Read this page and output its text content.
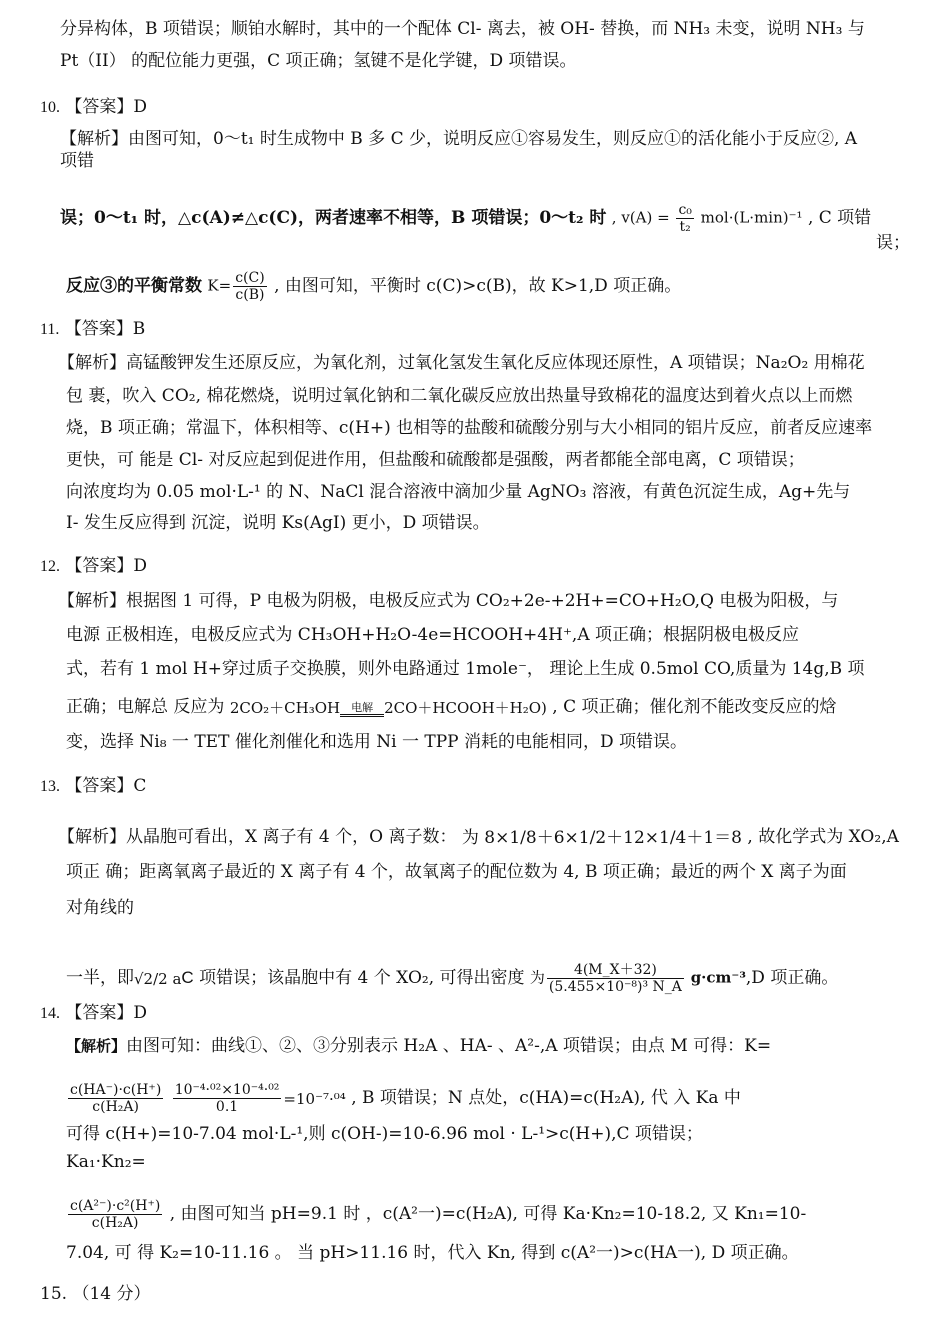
分异构体，B 项错误；顺铂水解时，其中的一个配体 Cl- 离去，被 OH- 替换，而 NH₃ 未变，说明 NH₃ 与
Pt（II） 的配位能力更强，C 项正确；氢键不是化学键，D 项错误。
10. 【答案】D
【解析】由图可知，0～t₁ 时生成物中 B 多 C 少，说明反应①容易发生，则反应①的活化能小于反应②, A
项错
误；0～t₁ 时，△c(A)≠△c(C)，两者速率不相等，B 项错误；0～t₂ 时 , $v(A) = \frac{\text{c₀}}{\text{t₂}} mol\cdot(L\cdot\min)^{-1}$ , C 项错
误；
反应③的平衡常数 $K= \frac{c(C)}{c(B)}$ , 由图可知，平衡时 c(C)>c(B)，故 K>1,D 项正确。
11. 【答案】B
【解析】高锰酸钾发生还原反应，为氧化剂，过氧化氢发生氧化反应体现还原性，A 项错误；Na₂O₂ 用棉花
包 裹，吹入 CO₂, 棉花燃烧，说明过氧化钠和二氧化碳反应放出热量导致棉花的温度达到着火点以上而燃
烧，B 项正确；常温下，体积相等、c(H+) 也相等的盐酸和硫酸分别与大小相同的铝片反应，前者反应速率
更快，可 能是 Cl- 对反应起到促进作用，但盐酸和硫酸都是强酸，两者都能全部电离，C 项错误；
向浓度均为 0.05 mol·L-¹ 的 N、NaCl 混合溶液中滴加少量 AgNO₃ 溶液，有黄色沉淀生成，Ag+先与
I- 发生反应得到 沉淀，说明 Ks(AgI) 更小，D 项错误。
12. 【答案】D
【解析】根据图 1 可得，P 电极为阴极，电极反应式为 CO₂+2e-+2H+=CO+H₂O,Q 电极为阳极，与
电源 正极相连，电极反应式为 CH₃OH+H₂O-4e=HCOOH+4H⁺,A 项正确；根据阴极电极反应
式，若有 1 mol H+穿过质子交换膜，则外电路通过 1mole⁻， 理论上生成 0.5mol CO,质量为 14g,B 项
正确；电解总 反应为 2CO₂＋CH₃OH	电解 2CO＋HCOOH＋H₂O) , C 项正确；催化剂不能改变反应的焓
变，选择 Ni₈ 一 TET 催化剂催化和选用 Ni 一 TPP 消耗的电能相同，D 项错误。
13. 【答案】C
【解析】从晶胞可看出，X 离子有 4 个，O 离子数： 为 8×1/8＋6×1/2＋12×1/4＋1＝8 , 故化学式为 XO₂,A
项正 确；距离氧离子最近的 X 离子有 4 个，故氧离子的配位数为 4, B 项正确；最近的两个 X 离子为面
对角线的
一半，即√2/2 aC 项错误；该晶胞中有 4 个 XO₂, 可得出密度 为 $\frac{4(M\_X+32)}{\text{(5.455×10⁻⁸)³ N\_A}} g\cdot cm^{-3},D$ 项正确。
14. 【答案】D
【解析】由图可知：曲线①、②、③分别表示 H₂A 、HA- 、A²-,A 项错误；由点 M 可得：K=
$\frac{c(HA^-)\cdot c(H^+)}{\text{c(H₂A)}}$
$\frac{\text{10⁻⁴·⁰²×10⁻⁴·⁰²}}{0.1} =10^{-7}\cdot^{04}$ , B 项错误；N 点处，c(HA)=c(H₂A), 代 入 Ka 中
可得 c(H+)=10-7.04 mol·L-¹,则 c(OH-)=10-6.96 mol · L-¹>c(H+),C 项错误；
Ka₁·Kn₂=
$\frac{\text{c(A²⁻)·c²(H⁺)}}{\text{c(H₂A)}}$ , 由图可知当 pH=9.1 时 ，c(A²一)=c(H₂A), 可得 Ka·Kn₂=10-18.2, 又 Kn₁=10-
7.04, 可 得 K₂=10-11.16 。 当 pH>11.16 时，代入 Kn, 得到 c(A²一)>c(HA一), D 项正确。
15. （14 分）
